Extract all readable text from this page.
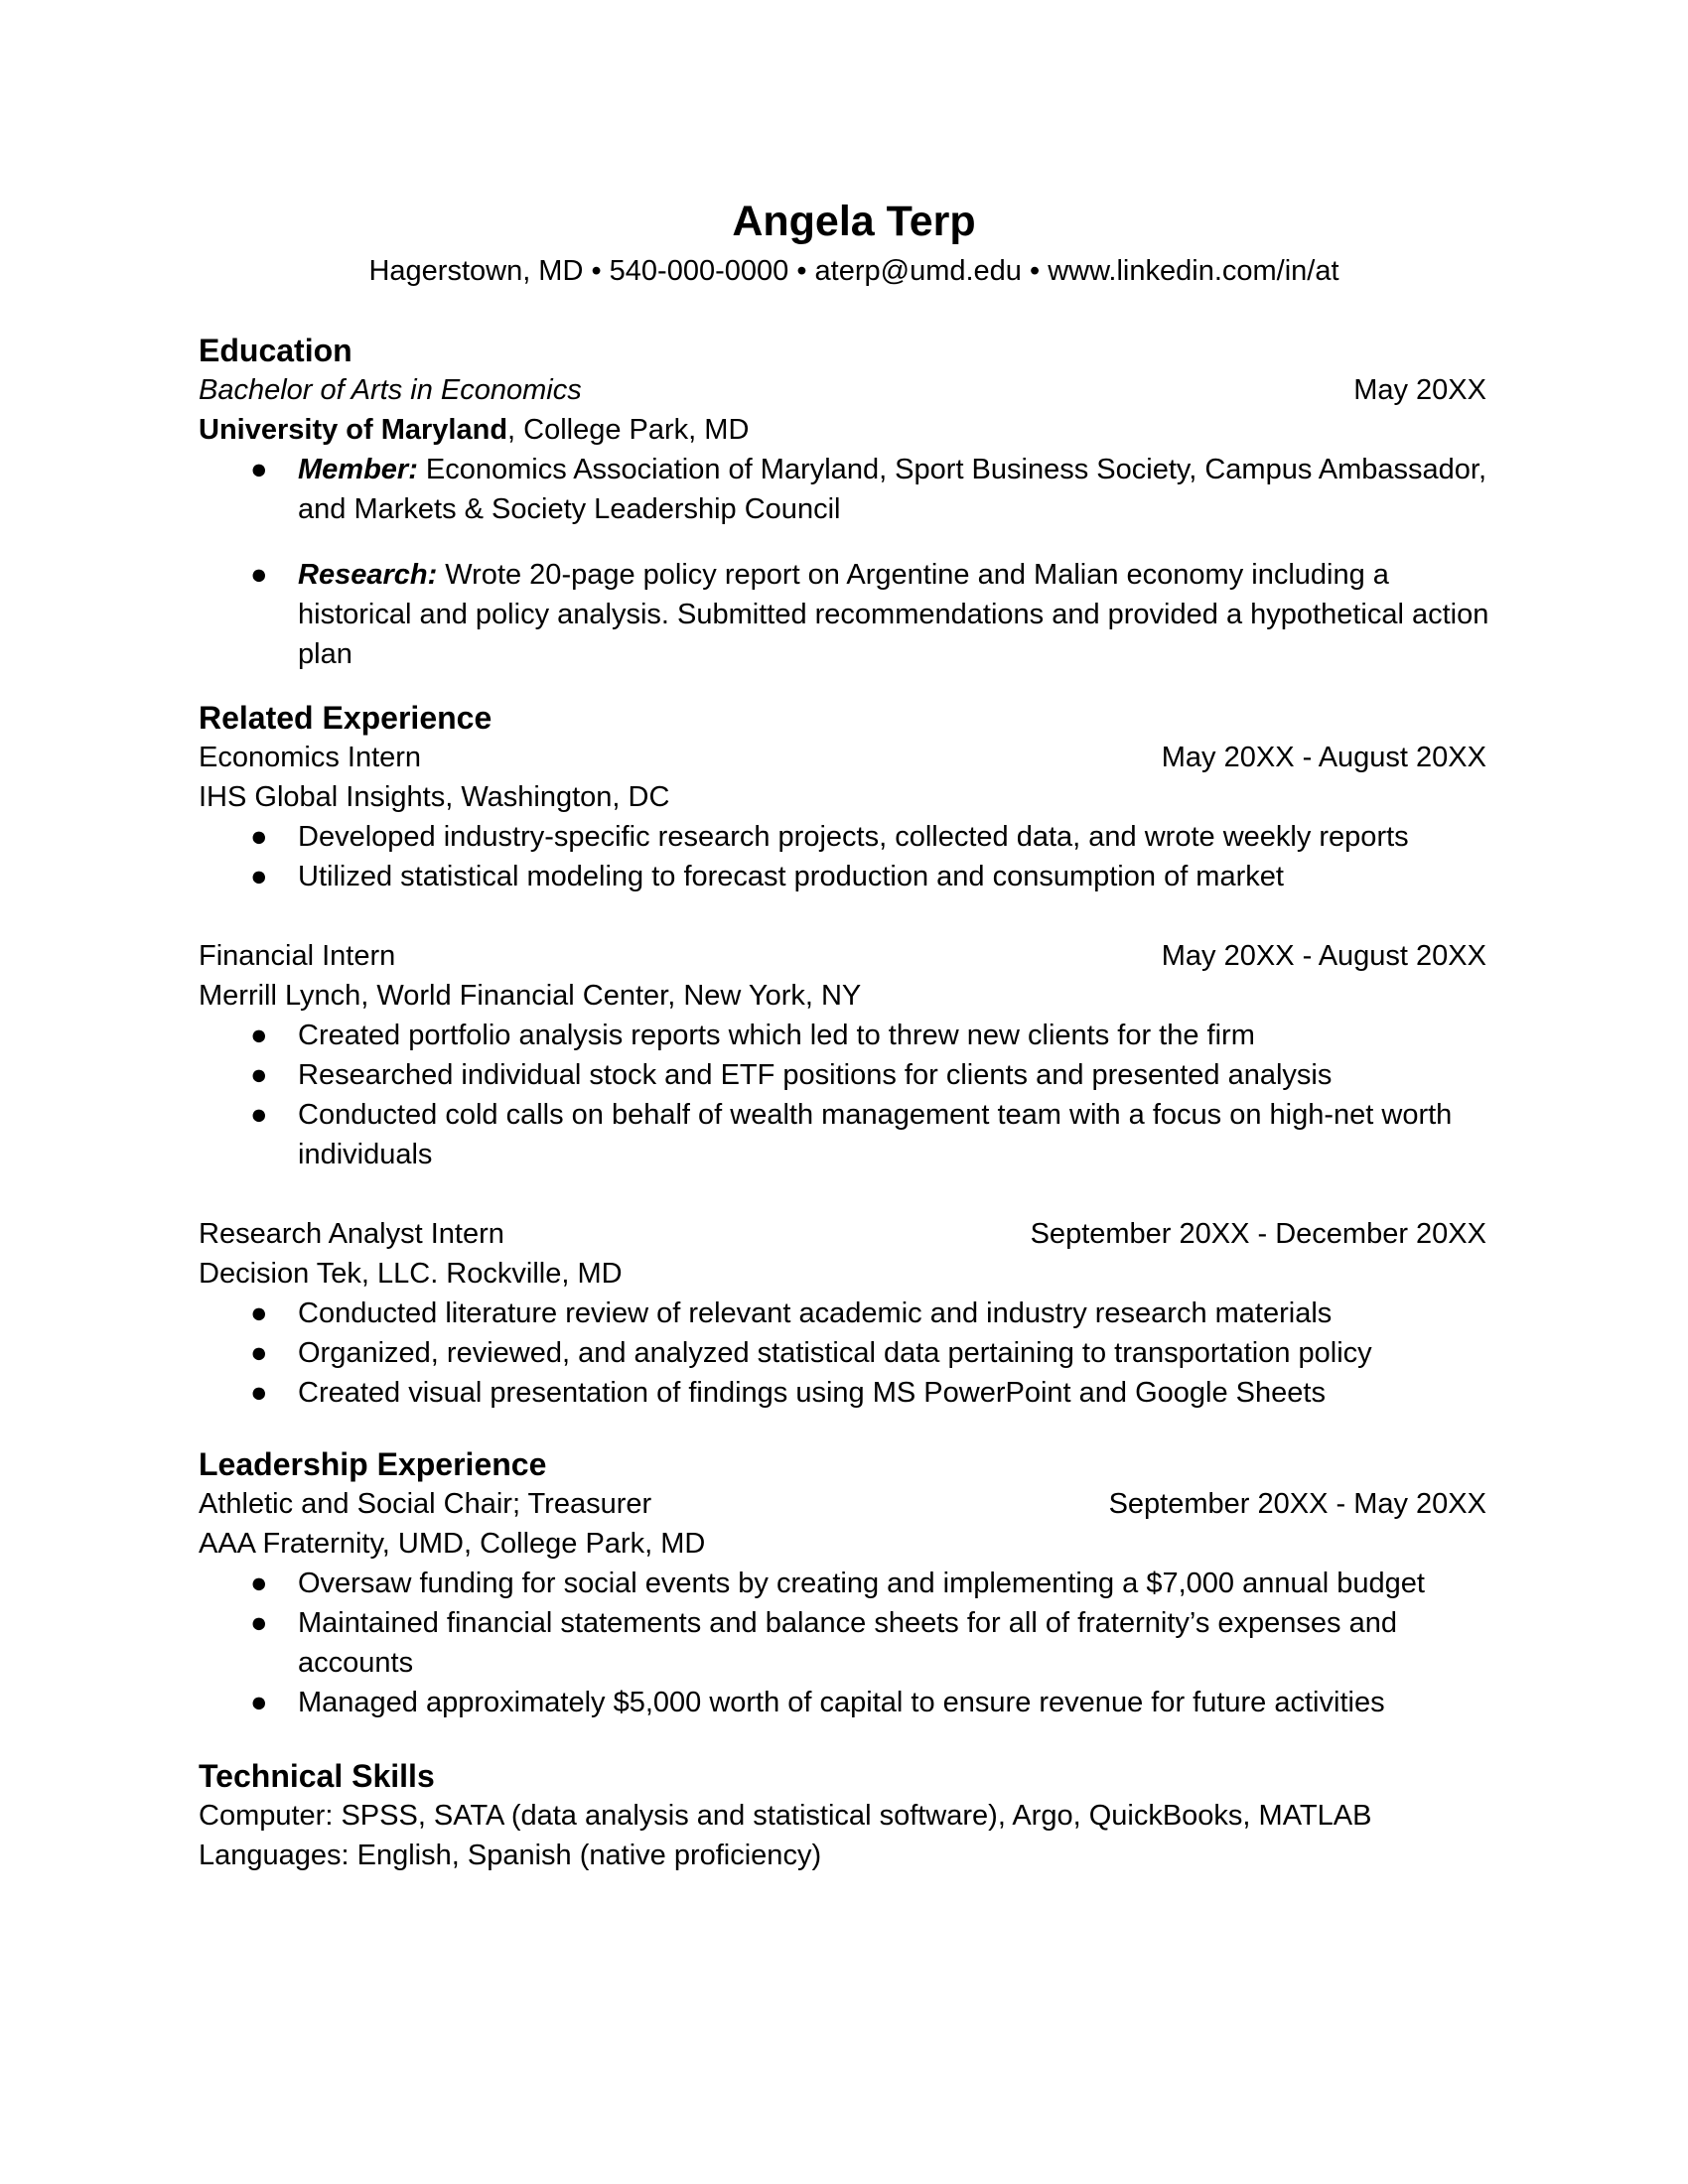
Angela Terp
Hagerstown, MD • 540-000-0000 • aterp@umd.edu • www.linkedin.com/in/at
Education
Bachelor of Arts in Economics	May 20XX
University of Maryland, College Park, MD
● Member: Economics Association of Maryland, Sport Business Society, Campus Ambassador, and Markets & Society Leadership Council
● Research: Wrote 20-page policy report on Argentine and Malian economy including a historical and policy analysis. Submitted recommendations and provided a hypothetical action plan
Related Experience
Economics Intern	May 20XX - August 20XX
IHS Global Insights, Washington, DC
● Developed industry-specific research projects, collected data, and wrote weekly reports
● Utilized statistical modeling to forecast production and consumption of market
Financial Intern	May 20XX - August 20XX
Merrill Lynch, World Financial Center, New York, NY
● Created portfolio analysis reports which led to threw new clients for the firm
● Researched individual stock and ETF positions for clients and presented analysis
● Conducted cold calls on behalf of wealth management team with a focus on high-net worth individuals
Research Analyst Intern	September 20XX - December 20XX
Decision Tek, LLC. Rockville, MD
● Conducted literature review of relevant academic and industry research materials
● Organized, reviewed, and analyzed statistical data pertaining to transportation policy
● Created visual presentation of findings using MS PowerPoint and Google Sheets
Leadership Experience
Athletic and Social Chair; Treasurer	September 20XX - May 20XX
AAA Fraternity, UMD, College Park, MD
● Oversaw funding for social events by creating and implementing a $7,000 annual budget
● Maintained financial statements and balance sheets for all of fraternity’s expenses and accounts
● Managed approximately $5,000 worth of capital to ensure revenue for future activities
Technical Skills
Computer: SPSS, SATA (data analysis and statistical software), Argo, QuickBooks, MATLAB
Languages: English, Spanish (native proficiency)
